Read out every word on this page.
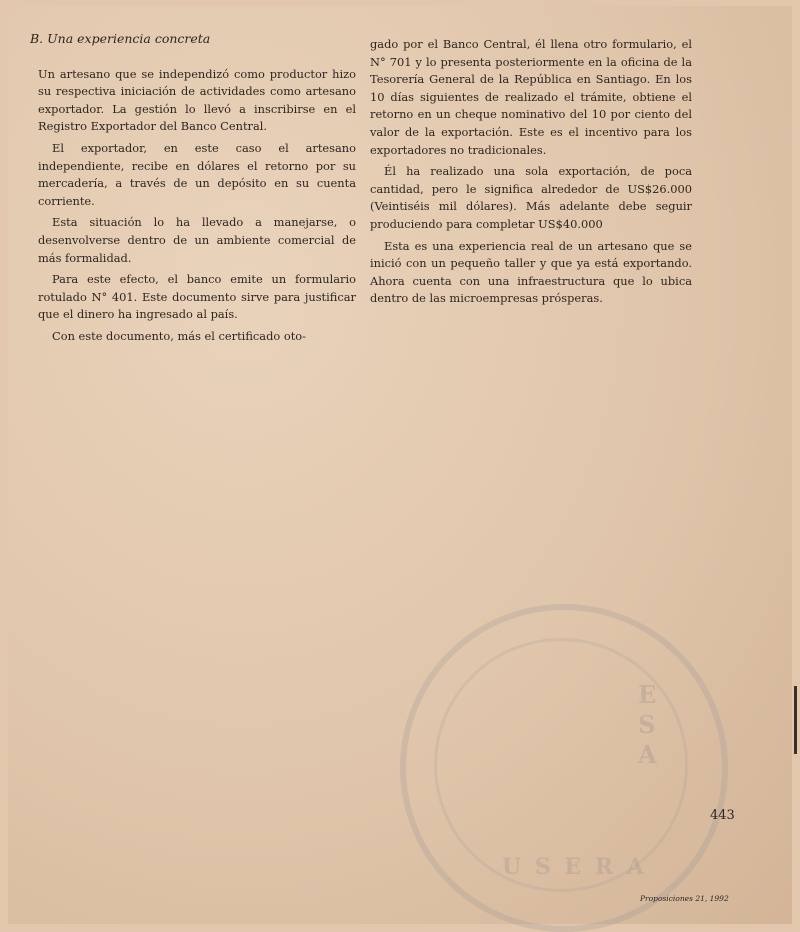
E
S
A
U S E R A
B. Una experiencia concreta

Un artesano que se independizó como productor hizo su respectiva iniciación de actividades como artesano exportador. La gestión lo llevó a inscribirse en el Registro Exportador del Banco Central.

El exportador, en este caso el artesano independiente, recibe en dólares el retorno por su mercadería, a través de un depósito en su cuenta corriente.

Esta situación lo ha llevado a manejarse, o desenvolverse dentro de un ambiente comercial de más formalidad.

Para este efecto, el banco emite un formulario rotulado N° 401. Este documento sirve para justificar que el dinero ha ingresado al país.

Con este documento, más el certificado oto-

gado por el Banco Central, él llena otro formulario, el N° 701 y lo presenta posteriormente en la oficina de la Tesorería General de la República en Santiago. En los 10 días siguientes de realizado el trámite, obtiene el retorno en un cheque nominativo del 10 por ciento del valor de la exportación. Este es el incentivo para los exportadores no tradicionales.

Él ha realizado una sola exportación, de poca cantidad, pero le significa alrededor de US$26.000 (Veintiséis mil dólares). Más adelante debe seguir produciendo para completar US$40.000

Esta es una experiencia real de un artesano que se inició con un pequeño taller y que ya está exportando. Ahora cuenta con una infraestructura que lo ubica dentro de las microempresas prósperas.

443
Proposiciones 21, 1992
